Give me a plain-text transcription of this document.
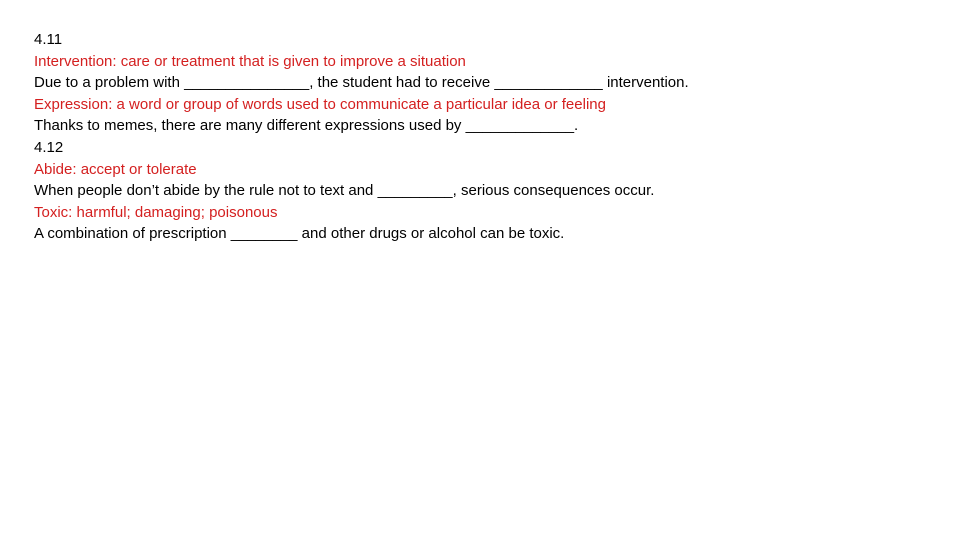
4.11

Intervention: care or treatment that is given to improve a situation

Due to a problem with _______________, the student had to receive _____________ intervention.

Expression: a word or group of words used to communicate a particular idea or feeling

Thanks to memes, there are many different expressions used by _____________.

4.12

Abide: accept or tolerate

When people don’t abide by the rule not to text and _________, serious consequences occur.

Toxic: harmful; damaging; poisonous

A combination of prescription ________ and other drugs or alcohol can be toxic.
